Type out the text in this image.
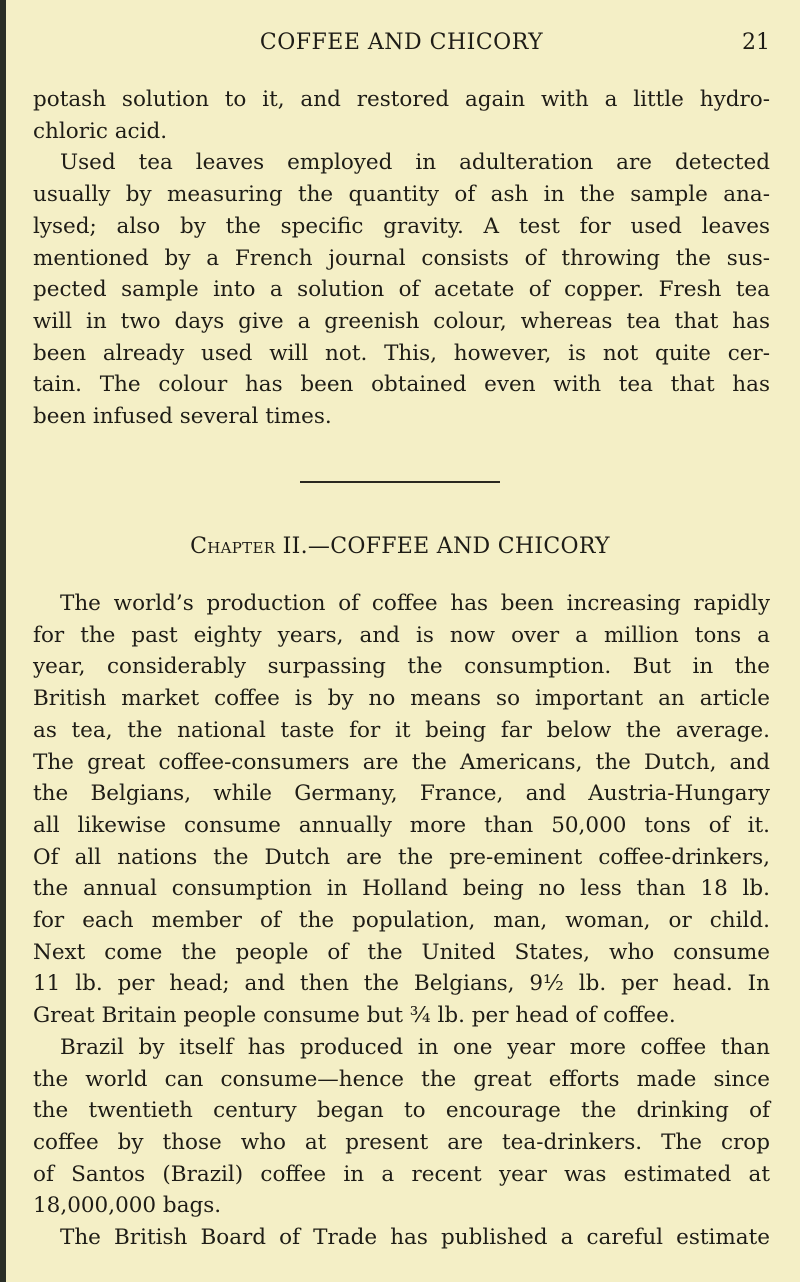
COFFEE AND CHICORY	21
potash solution to it, and restored again with a little hydro-
chloric acid.
Used tea leaves employed in adulteration are detected
usually by measuring the quantity of ash in the sample ana-
lysed; also by the specific gravity. A test for used leaves
mentioned by a French journal consists of throwing the sus-
pected sample into a solution of acetate of copper. Fresh tea
will in two days give a greenish colour, whereas tea that has
been already used will not. This, however, is not quite cer-
tain. The colour has been obtained even with tea that has
been infused several times.
Chapter II.—COFFEE AND CHICORY
The world’s production of coffee has been increasing rapidly
for the past eighty years, and is now over a million tons a
year, considerably surpassing the consumption. But in the
British market coffee is by no means so important an article
as tea, the national taste for it being far below the average.
The great coffee-consumers are the Americans, the Dutch, and
the Belgians, while Germany, France, and Austria-Hungary
all likewise consume annually more than 50,000 tons of it.
Of all nations the Dutch are the pre-eminent coffee-drinkers,
the annual consumption in Holland being no less than 18 lb.
for each member of the population, man, woman, or child.
Next come the people of the United States, who consume
11 lb. per head; and then the Belgians, 9½ lb. per head. In
Great Britain people consume but ¾ lb. per head of coffee.
Brazil by itself has produced in one year more coffee than
the world can consume—hence the great efforts made since
the twentieth century began to encourage the drinking of
coffee by those who at present are tea-drinkers. The crop
of Santos (Brazil) coffee in a recent year was estimated at
18,000,000 bags.
The British Board of Trade has published a careful estimate
